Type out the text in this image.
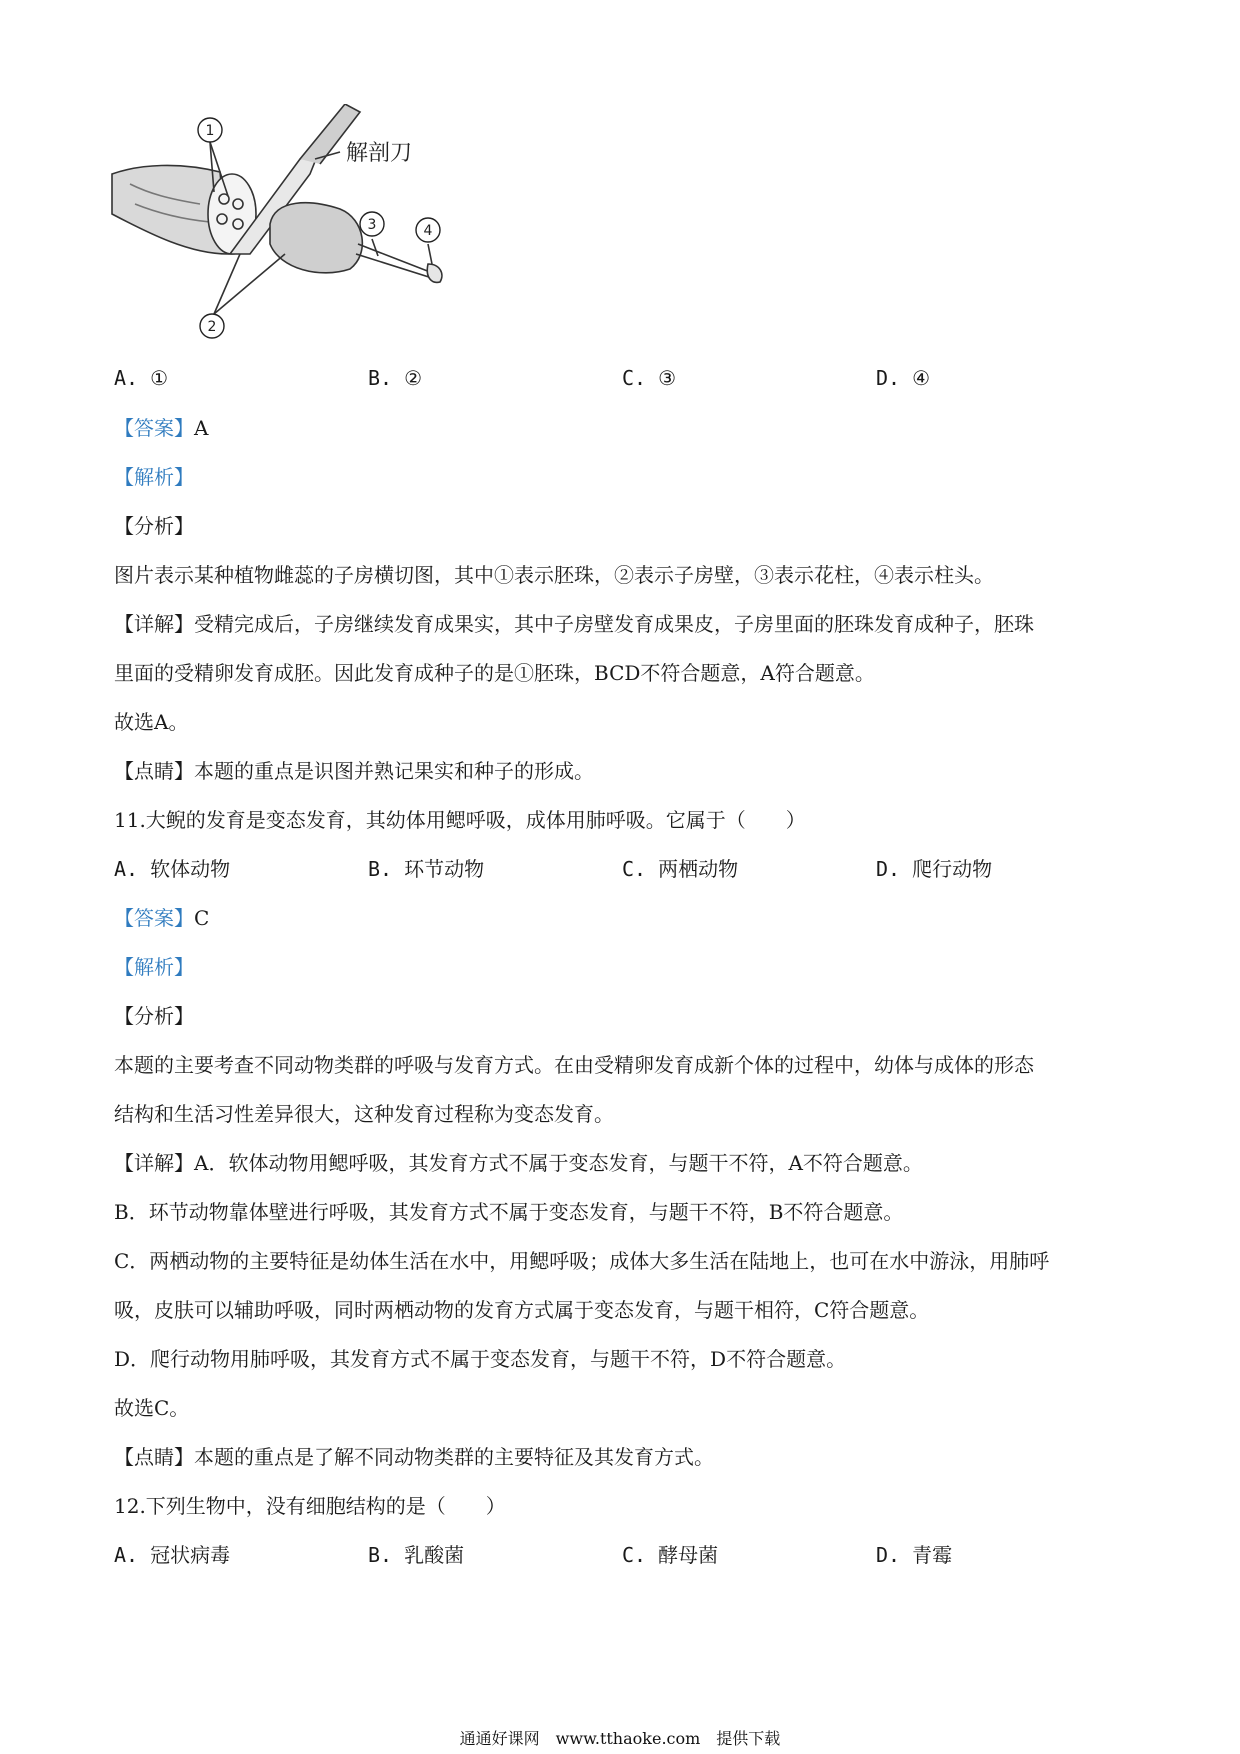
1
2
3	4
解剖刀
A. ①	B. ②	C. ③	D. ④
【答案】A
【解析】
【分析】
图片表示某种植物雌蕊的子房横切图，其中①表示胚珠，②表示子房壁，③表示花柱，④表示柱头。
【详解】受精完成后，子房继续发育成果实，其中子房壁发育成果皮，子房里面的胚珠发育成种子，胚珠
里面的受精卵发育成胚。因此发育成种子的是①胚珠，BCD不符合题意，A符合题意。
故选A。
【点睛】本题的重点是识图并熟记果实和种子的形成。
11.大鲵的发育是变态发育，其幼体用鳃呼吸，成体用肺呼吸。它属于（　　）
A. 软体动物	B. 环节动物	C. 两栖动物	D. 爬行动物
【答案】C
【解析】
【分析】
本题的主要考查不同动物类群的呼吸与发育方式。在由受精卵发育成新个体的过程中，幼体与成体的形态
结构和生活习性差异很大，这种发育过程称为变态发育。
【详解】A．软体动物用鳃呼吸，其发育方式不属于变态发育，与题干不符，A不符合题意。
B．环节动物靠体壁进行呼吸，其发育方式不属于变态发育，与题干不符，B不符合题意。
C．两栖动物的主要特征是幼体生活在水中，用鳃呼吸；成体大多生活在陆地上，也可在水中游泳，用肺呼
吸，皮肤可以辅助呼吸，同时两栖动物的发育方式属于变态发育，与题干相符，C符合题意。
D．爬行动物用肺呼吸，其发育方式不属于变态发育，与题干不符，D不符合题意。
故选C。
【点睛】本题的重点是了解不同动物类群的主要特征及其发育方式。
12.下列生物中，没有细胞结构的是（　　）
A. 冠状病毒	B. 乳酸菌	C. 酵母菌	D. 青霉
通通好课网　www.tthaoke.com　提供下载
